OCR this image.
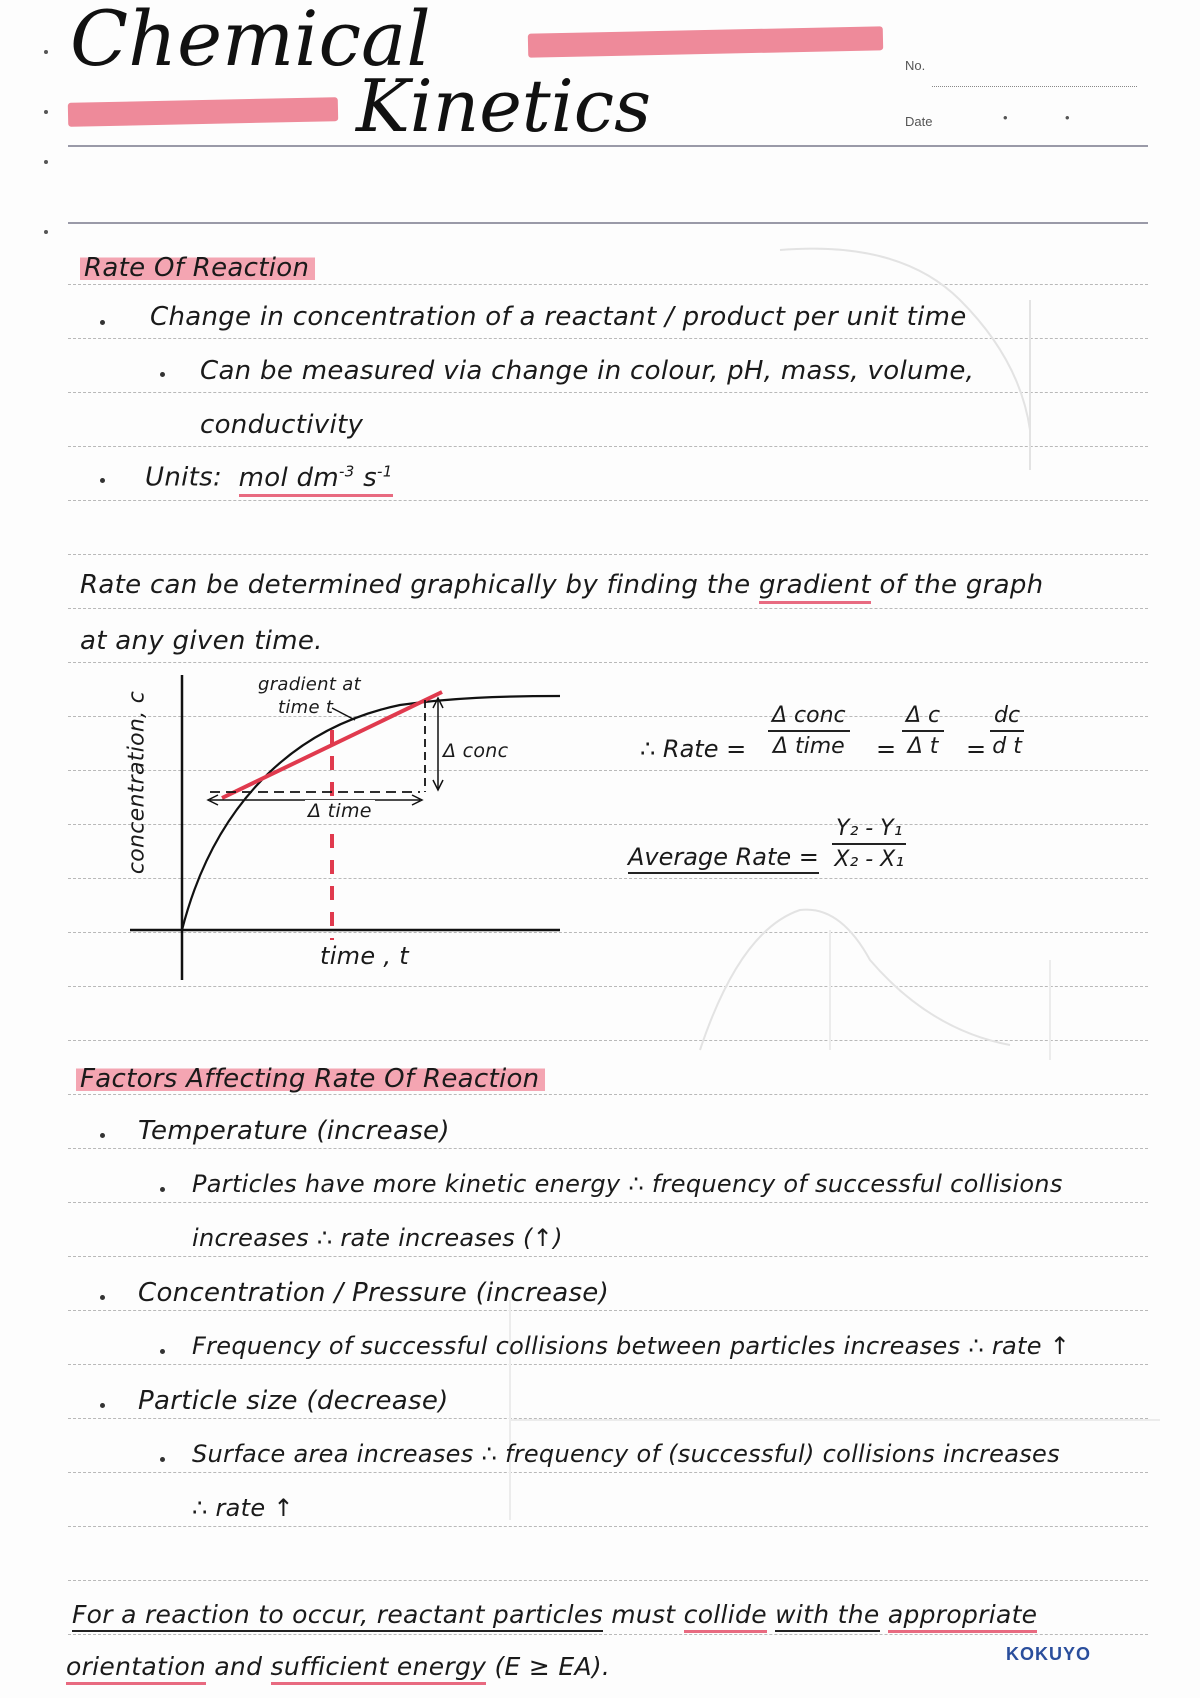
Chemical
Kinetics	No.
Date	•	•
Rate Of Reaction
Change in concentration of a reactant / product per unit time
Can be measured via change in colour, pH, mass, volume,
conductivity
Units: mol $dm^{-3}$ $s^{-1}$
Rate can be determined graphically by finding the gradient of the graph
at any given time.
gradient at
time t
Δ conc
Δ time
concentration, c
time , t
∴ Rate =
Δ conc
Δ time = $\frac{\text{Δ c}}{\text{Δ t}} = \frac{dc}{\text{d t}}$
Average Rate = $\frac{\text{Y₂ - Y₁}}{\text{X₂ - X₁}}$
Factors Affecting Rate Of Reaction
Temperature (increase)
Particles have more kinetic energy ∴ frequency of successful collisions
increases ∴ rate increases (↑)
Concentration / Pressure (increase)
Frequency of successful collisions between particles increases ∴ rate ↑
Particle size (decrease)
Surface area increases ∴ frequency of (successful) collisions increases
∴ rate ↑
For a reaction to occur, reactant particles must collide with the appropriate
orientation and sufficient energy (E ≥ EA).	KOKUYO
